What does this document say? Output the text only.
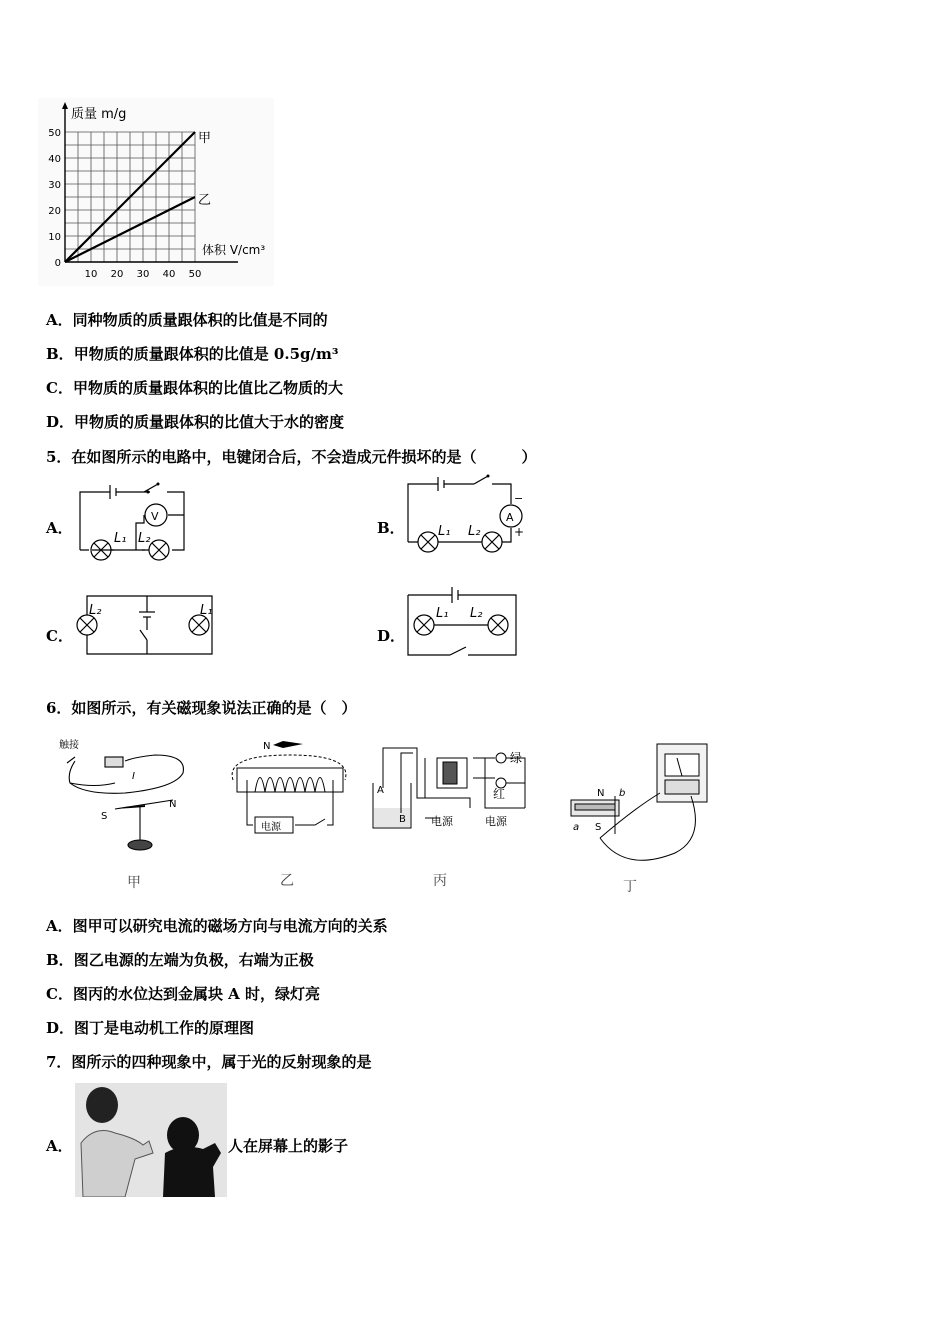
0
10
20
30
40
50
10 20 30 40 50
质量 m/g
体积 V/cm³
甲
乙
A．同种物质的质量跟体积的比值是不同的
B．甲物质的质量跟体积的比值是 0.5g/m³
C．甲物质的质量跟体积的比值比乙物质的大
D．甲物质的质量跟体积的比值大于水的密度
5．在如图所示的电路中，电键闭合后，不会造成元件损坏的是（　　　）
A．
V
L₁ L₂
B．
A
−
+
L₁ L₂
C．
L₂	L₁
D．
L₁ L₂
6．如图所示，有关磁现象说法正确的是（　）
触接
I
N
S
甲
N
电源
乙
A
B
绿
红
电源	电源
丙
N
S
a
b
丁
A．图甲可以研究电流的磁场方向与电流方向的关系
B．图乙电源的左端为负极，右端为正极
C．图丙的水位达到金属块 A 时，绿灯亮
D．图丁是电动机工作的原理图
7．图所示的四种现象中，属于光的反射现象的是
A．	人在屏幕上的影子
